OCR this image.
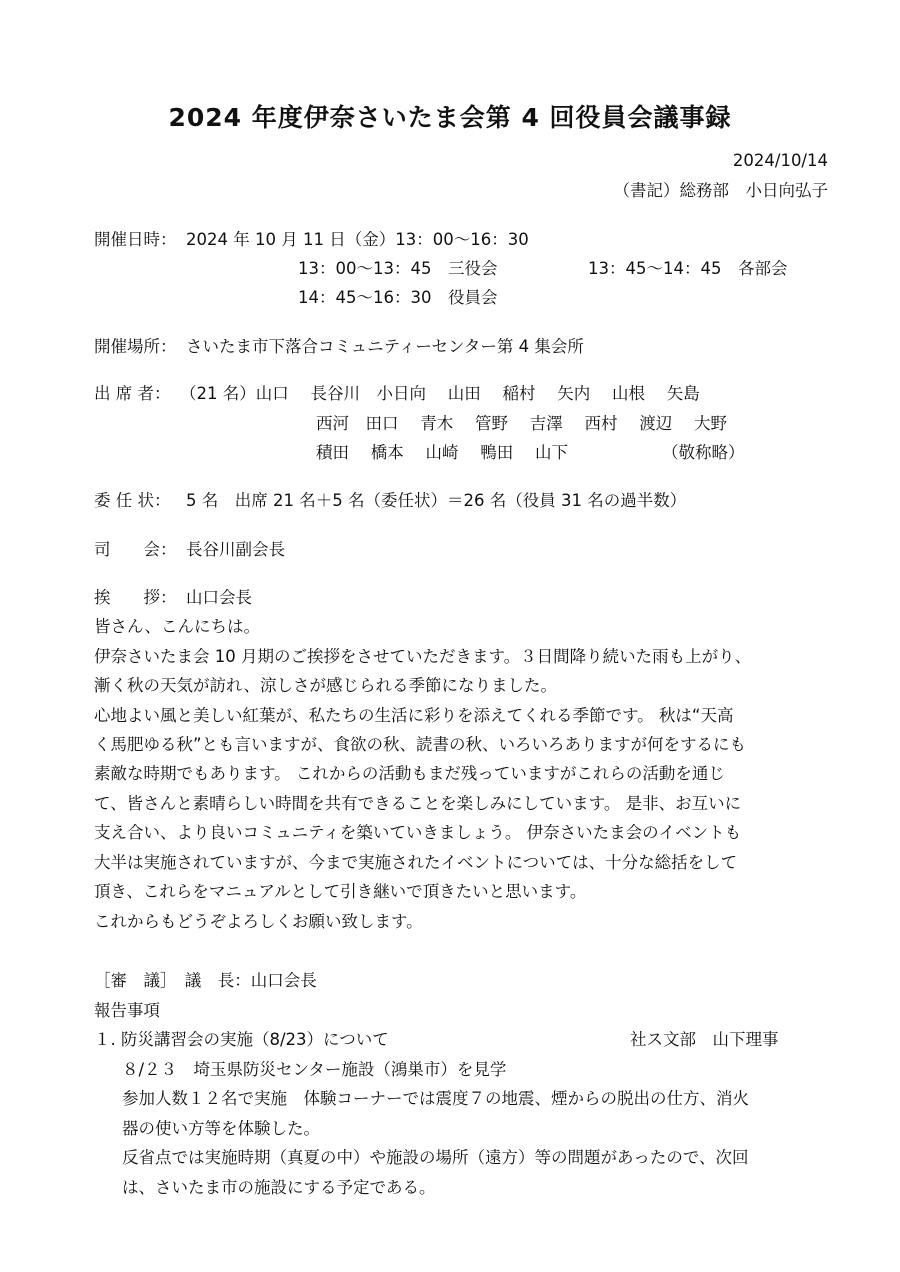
2024 年度伊奈さいたま会第 4 回役員会議事録
2024/10/14
（書記）総務部　小日向弘子
開催日時： 2024 年 10 月 11 日（金）13：00～16：30
13：00～13：45　三役会	13：45～14：45　各部会
14：45～16：30　役員会
開催場所： さいたま市下落合コミュニティーセンター第 4 集会所
出 席 者： （21 名）山口　 長谷川　小日向　 山田　 稲村　 矢内　 山根　 矢島
西河　田口　 青木　 管野　 吉澤　 西村　 渡辺　 大野
積田　 橋本　 山崎　 鴨田　 山下	（敬称略）
委 任 状： 5 名　出席 21 名＋5 名（委任状）＝26 名（役員 31 名の過半数）
司　　会： 長谷川副会長
挨　　拶： 山口会長
皆さん、こんにちは。
伊奈さいたま会 10 月期のご挨拶をさせていただきます。３日間降り続いた雨も上がり、
漸く秋の天気が訪れ、涼しさが感じられる季節になりました。
心地よい風と美しい紅葉が、私たちの生活に彩りを添えてくれる季節です。 秋は“天高
く馬肥ゆる秋”とも言いますが、食欲の秋、読書の秋、いろいろありますが何をするにも
素敵な時期でもあります。 これからの活動もまだ残っていますがこれらの活動を通じ
て、皆さんと素晴らしい時間を共有できることを楽しみにしています。 是非、お互いに
支え合い、より良いコミュニティを築いていきましょう。 伊奈さいたま会のイベントも
大半は実施されていますが、今まで実施されたイベントについては、十分な総括をして
頂き、これらをマニュアルとして引き継いで頂きたいと思います。
これからもどうぞよろしくお願い致します。
［審　議］　議　長：山口会長
報告事項
１. 防災講習会の実施（8/23）について	社ス文部　山下理事
８/２３　埼玉県防災センター施設（鴻巣市）を見学
参加人数１２名で実施　体験コーナーでは震度７の地震、煙からの脱出の仕方、消火
器の使い方等を体験した。
反省点では実施時期（真夏の中）や施設の場所（遠方）等の問題があったので、次回
は、さいたま市の施設にする予定である。
